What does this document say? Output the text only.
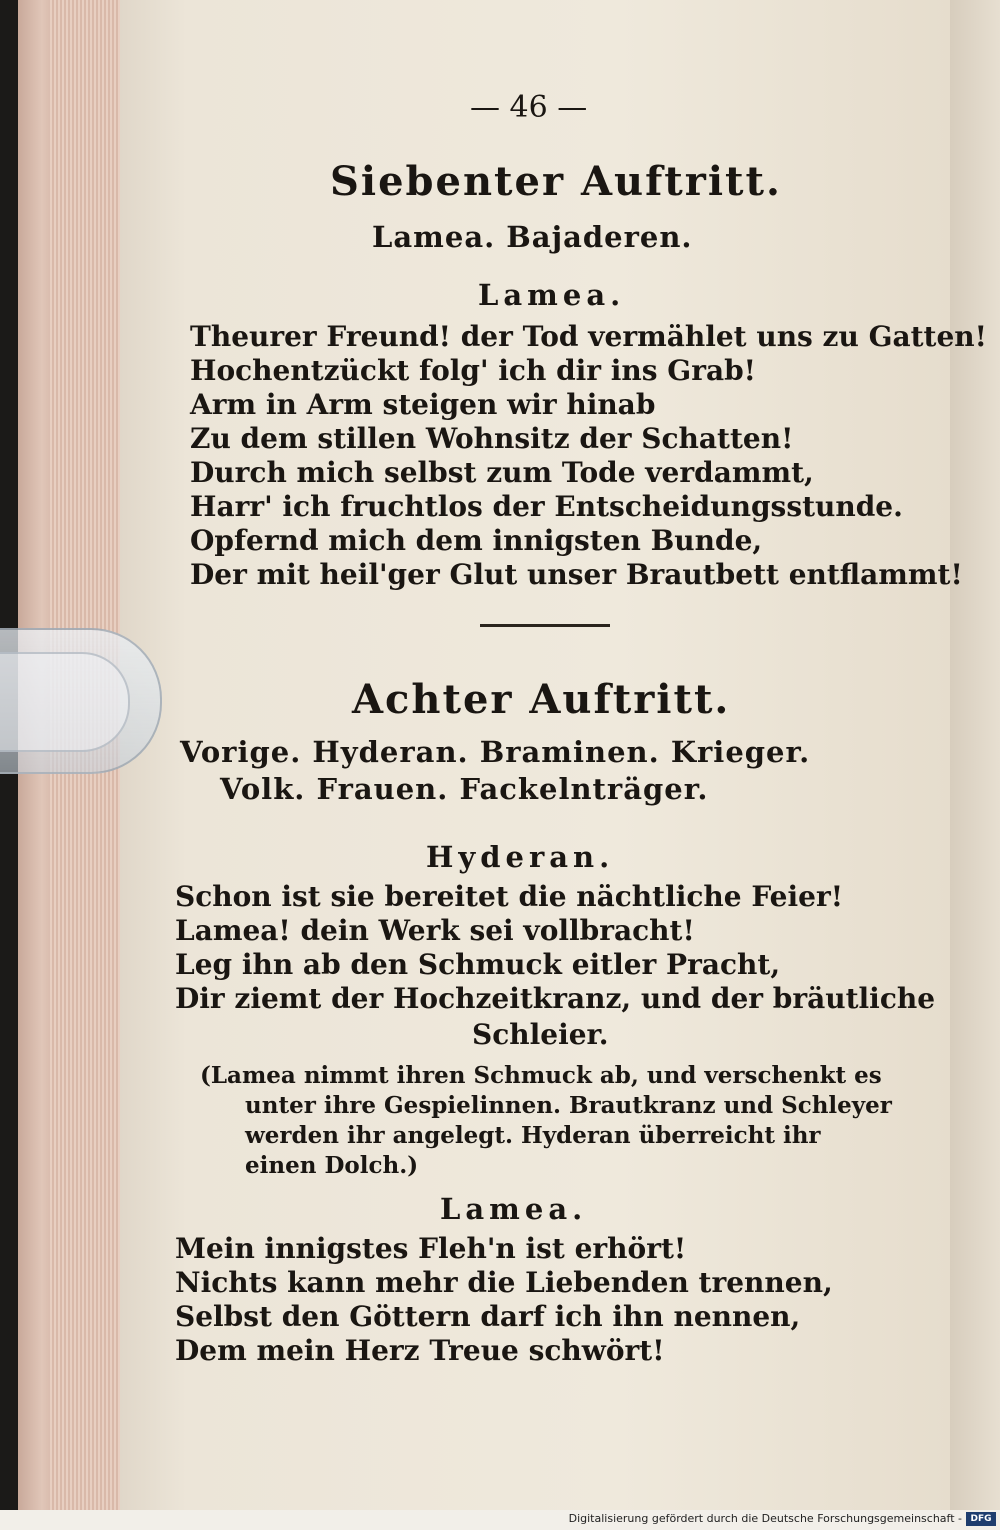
— 46 —
Siebenter Auftritt.
Lamea. Bajaderen.
Lamea.
Theurer Freund! der Tod vermählet uns zu Gatten!
Hochentzückt folg' ich dir ins Grab!
Arm in Arm steigen wir hinab
Zu dem stillen Wohnsitz der Schatten!
Durch mich selbst zum Tode verdammt,
Harr' ich fruchtlos der Entscheidungsstunde.
Opfernd mich dem innigsten Bunde,
Der mit heil'ger Glut unser Brautbett entflammt!
Achter Auftritt.
Vorige. Hyderan. Braminen. Krieger.
Volk. Frauen. Fackelnträger.
Hyderan.
Schon ist sie bereitet die nächtliche Feier!
Lamea! dein Werk sei vollbracht!
Leg ihn ab den Schmuck eitler Pracht,
Dir ziemt der Hochzeitkranz, und der bräutliche
Schleier.
(Lamea nimmt ihren Schmuck ab, und verschenkt es
unter ihre Gespielinnen. Brautkranz und Schleyer
werden ihr angelegt. Hyderan überreicht ihr
einen Dolch.)
Lamea.
Mein innigstes Fleh'n ist erhört!
Nichts kann mehr die Liebenden trennen,
Selbst den Göttern darf ich ihn nennen,
Dem mein Herz Treue schwört!
Digitalisierung gefördert durch die Deutsche Forschungsgemeinschaft - DFG
